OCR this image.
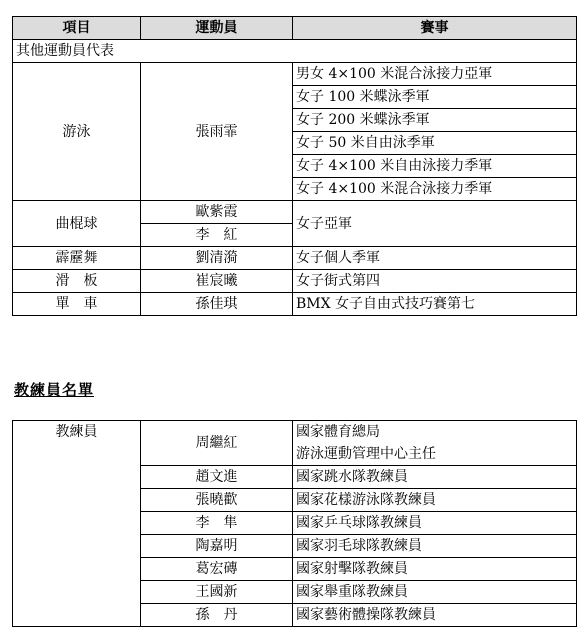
項目	運動員	賽事
其他運動員代表		
游泳	張雨霏	男女 4×100 米混合泳接力亞軍
		女子 100 米蝶泳季軍
		女子 200 米蝶泳季軍
		女子 50 米自由泳季軍
		女子 4×100 米自由泳接力季軍
		女子 4×100 米混合泳接力季軍
曲棍球	歐紫霞	女子亞軍
	李　紅	
霹靂舞	劉清漪	女子個人季軍
滑　板	崔宸曦	女子街式第四
單　車	孫佳琪	BMX 女子自由式技巧賽第七

教練員名單

教練員	周繼紅	國家體育總局
		游泳運動管理中心主任
	趙文進	國家跳水隊教練員
	張曉歡	國家花樣游泳隊教練員
	李　隼	國家乒乓球隊教練員
	陶嘉明	國家羽毛球隊教練員
	葛宏磚	國家射擊隊教練員
	王國新	國家舉重隊教練員
	孫　丹	國家藝術體操隊教練員
